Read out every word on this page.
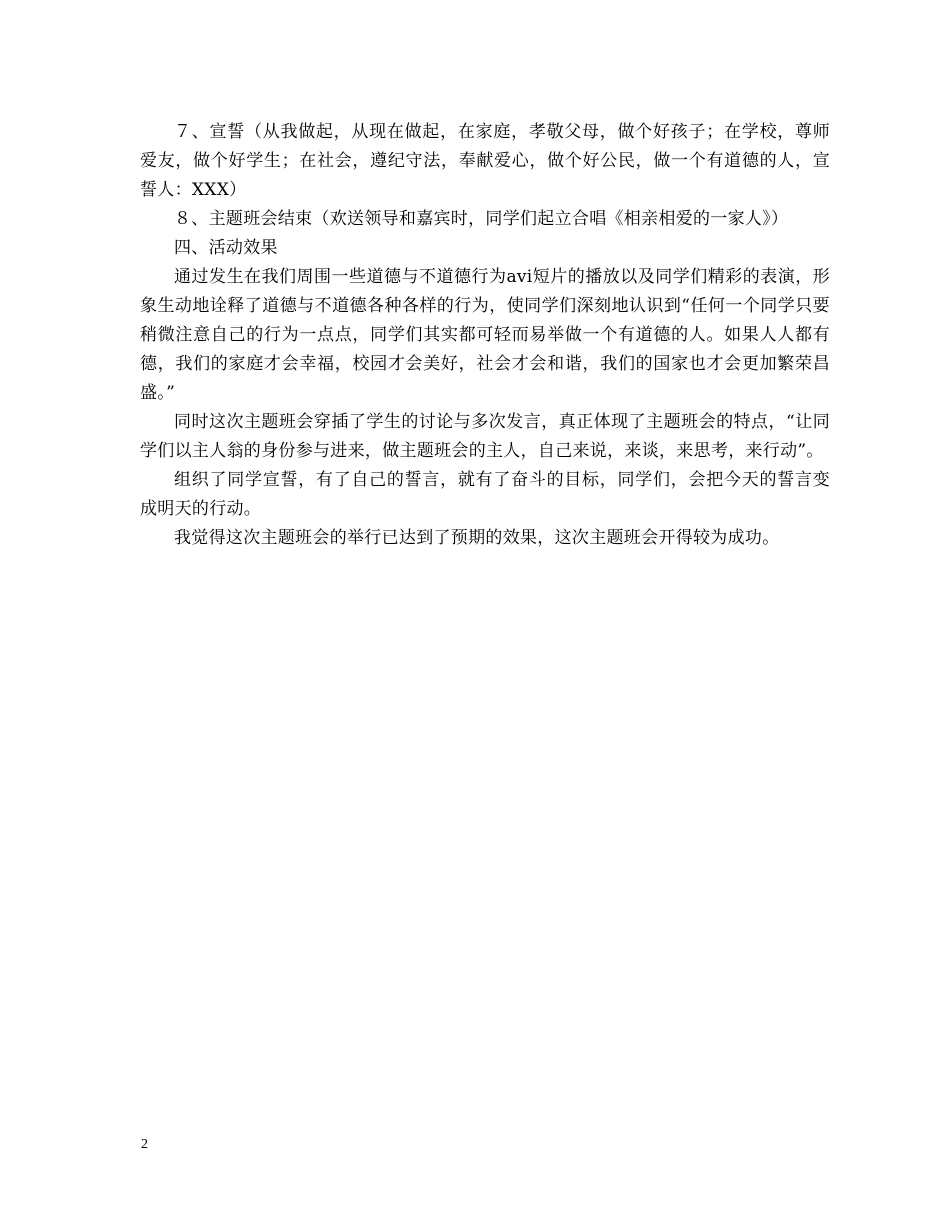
７、宣誓（从我做起，从现在做起，在家庭，孝敬父母，做个好孩子；在学校，尊师爱友，做个好学生；在社会，遵纪守法，奉献爱心，做个好公民，做一个有道德的人，宣誓人：XXX）

８、主题班会结束（欢送领导和嘉宾时，同学们起立合唱《相亲相爱的一家人》）

四、活动效果

通过发生在我们周围一些道德与不道德行为avi短片的播放以及同学们精彩的表演，形象生动地诠释了道德与不道德各种各样的行为，使同学们深刻地认识到“任何一个同学只要稍微注意自己的行为一点点，同学们其实都可轻而易举做一个有道德的人。如果人人都有德，我们的家庭才会幸福，校园才会美好，社会才会和谐，我们的国家也才会更加繁荣昌盛。”

同时这次主题班会穿插了学生的讨论与多次发言，真正体现了主题班会的特点，“让同学们以主人翁的身份参与进来，做主题班会的主人，自己来说，来谈，来思考，来行动”。

组织了同学宣誓，有了自己的誓言，就有了奋斗的目标，同学们，会把今天的誓言变成明天的行动。

我觉得这次主题班会的举行已达到了预期的效果，这次主题班会开得较为成功。

2
